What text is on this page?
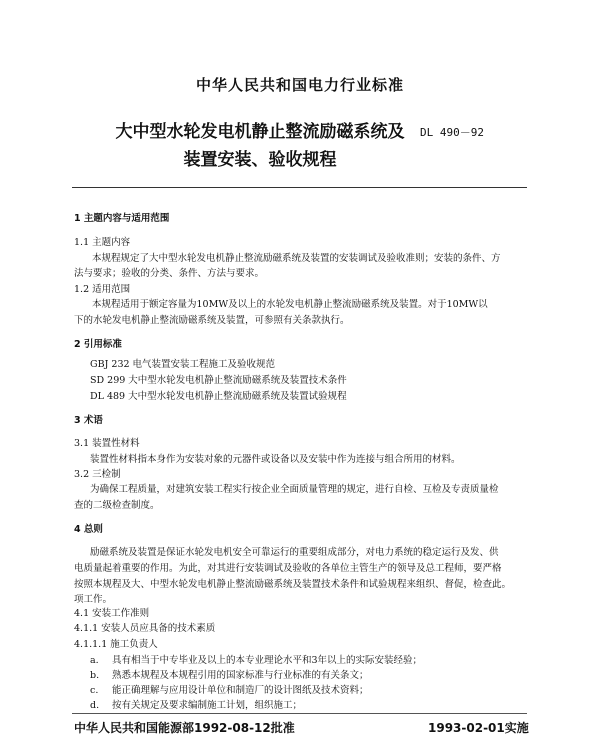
中华人民共和国电力行业标准
大中型水轮发电机静止整流励磁系统及
装置安装、验收规程
DL 490－92
1 主题内容与适用范围
1.1 主题内容
本规程规定了大中型水轮发电机静止整流励磁系统及装置的安装调试及验收准则；安装的条件、方
法与要求；验收的分类、条件、方法与要求。
1.2 适用范围
本规程适用于额定容量为10MW及以上的水轮发电机静止整流励磁系统及装置。对于10MW以
下的水轮发电机静止整流励磁系统及装置，可参照有关条款执行。
2 引用标准
GBJ 232 电气装置安装工程施工及验收规范
SD 299 大中型水轮发电机静止整流励磁系统及装置技术条件
DL 489 大中型水轮发电机静止整流励磁系统及装置试验规程
3 术语
3.1 装置性材料
装置性材料指本身作为安装对象的元器件或设备以及安装中作为连接与组合所用的材料。
3.2 三检制
为确保工程质量，对建筑安装工程实行按企业全面质量管理的规定，进行自检、互检及专责质量检
查的二级检查制度。
4 总则
励磁系统及装置是保证水轮发电机安全可靠运行的重要组成部分，对电力系统的稳定运行及发、供
电质量起着重要的作用。为此，对其进行安装调试及验收的各单位主管生产的领导及总工程师，要严格
按照本规程及大、中型水轮发电机静止整流励磁系统及装置技术条件和试验规程来组织、督促，检查此。
项工作。
4.1 安装工作准则
4.1.1 安装人员应具备的技术素质
4.1.1.1 施工负责人
a. 具有相当于中专毕业及以上的本专业理论水平和3年以上的实际安装经验；
b. 熟悉本规程及本规程引用的国家标准与行业标准的有关条文；
c. 能正确理解与应用设计单位和制造厂的设计图纸及技术资料；
d. 按有关规定及要求编制施工计划，组织施工；
中华人民共和国能源部1992-08-12批准	1993-02-01实施
